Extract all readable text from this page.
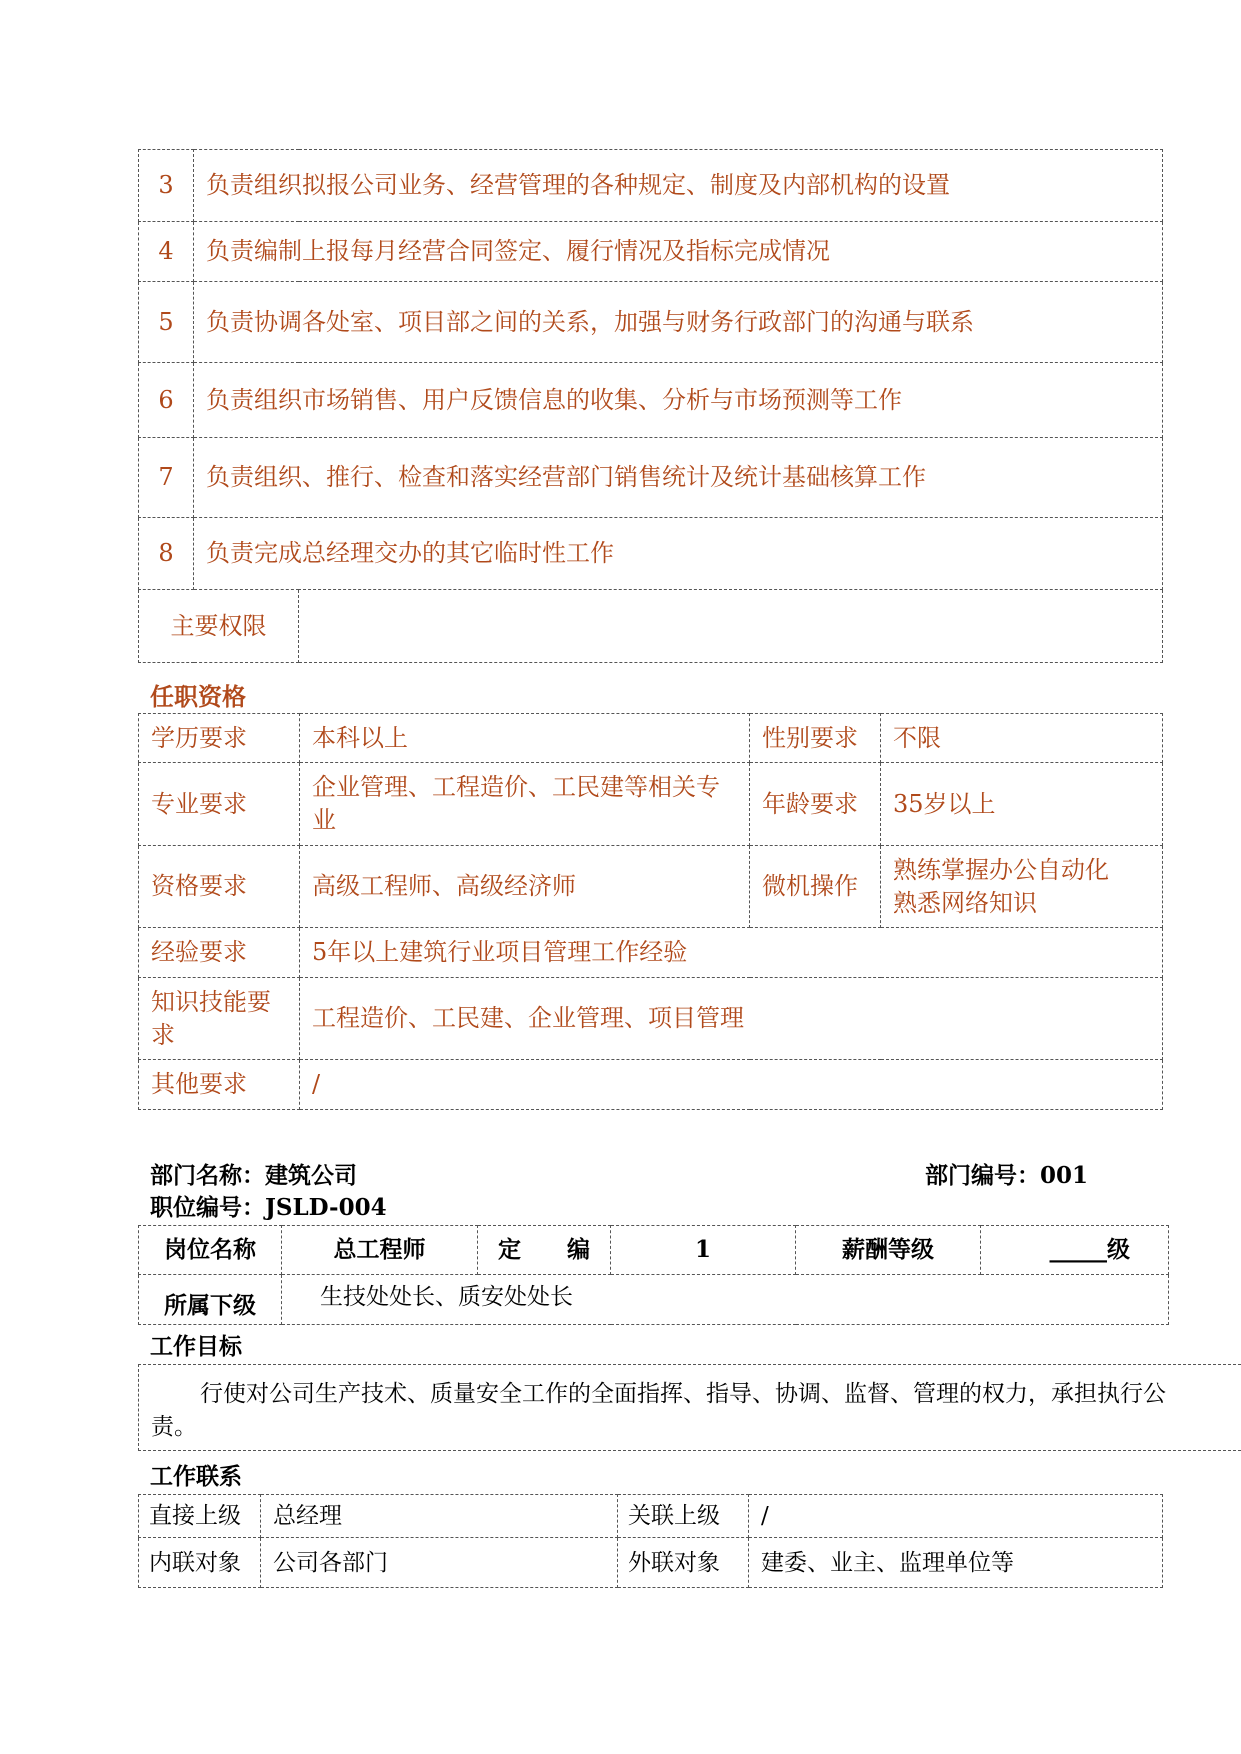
3	负责组织拟报公司业务、经营管理的各种规定、制度及内部机构的设置	
4	负责编制上报每月经营合同签定、履行情况及指标完成情况	
5	负责协调各处室、项目部之间的关系，加强与财务行政部门的沟通与联系	
6	负责组织市场销售、用户反馈信息的收集、分析与市场预测等工作	
7	负责组织、推行、检查和落实经营部门销售统计及统计基础核算工作	
8	负责完成总经理交办的其它临时性工作	
主要权限		
任职资格
学历要求	本科以上	性别要求	不限
专业要求	企业管理、工程造价、工民建等相关专业	年龄要求	35岁以上
资格要求	高级工程师、高级经济师	微机操作	熟练掌握办公自动化
熟悉网络知识

经验要求	5年以上建筑行业项目管理工作经验		
知识技能要求	工程造价、工民建、企业管理、项目管理		
其他要求	/		
部门名称：建筑公司	部门编号：001
职位编号：JSLD-004
岗位名称	总工程师	定　　编	1	薪酬等级	_____级
所属下级	生技处处长、质安处处长				
工作目标
行使对公司生产技术、质量安全工作的全面指挥、指导、协调、监督、管理的权力，承担执行公
责。
工作联系
直接上级	总经理	关联上级	/
内联对象	公司各部门	外联对象	建委、业主、监理单位等
